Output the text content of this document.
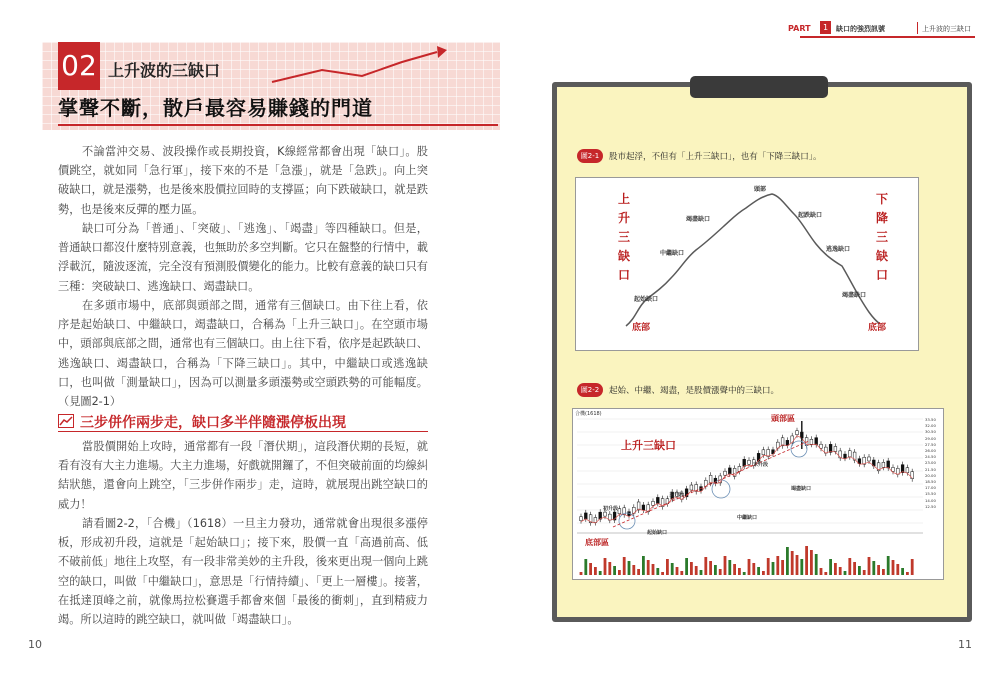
02 上升波的三缺口
掌聲不斷，散戶最容易賺錢的門道
不論當沖交易、波段操作或長期投資，K線經常都會出現「缺口」。股價跳空，就如同「急行軍」，接下來的不是「急漲」，就是「急跌」。向上突破缺口，就是漲勢，也是後來股價拉回時的支撐區；向下跌破缺口，就是跌勢，也是後來反彈的壓力區。
缺口可分為「普通」、「突破」、「逃逸」、「竭盡」等四種缺口。但是，普通缺口都沒什麼特別意義，也無助於多空判斷。它只在盤整的行情中，載浮載沉，隨波逐流，完全沒有預測股價變化的能力。比較有意義的缺口只有三種：突破缺口、逃逸缺口、竭盡缺口。
在多頭市場中，底部與頭部之間，通常有三個缺口。由下往上看，依序是起始缺口、中繼缺口，竭盡缺口，合稱為「上升三缺口」。在空頭市場中，頭部與底部之間，通常也有三個缺口。由上往下看，依序是起跌缺口、逃逸缺口、竭盡缺口，合稱為「下降三缺口」。其中，中繼缺口或逃逸缺口，也叫做「測量缺口」，因為可以測量多頭漲勢或空頭跌勢的可能幅度。（見圖2-1）
三步併作兩步走，缺口多半伴隨漲停板出現
當股價開始上攻時，通常都有一段「潛伏期」，這段潛伏期的長短，就看有沒有大主力進場。大主力進場，好戲就開鑼了，不但突破前面的均線糾結狀態，還會向上跳空，「三步併作兩步」走，這時，就展現出跳空缺口的威力！
請看圖2-2，「合機」（1618）一旦主力發功，通常就會出現很多漲停板，形成初升段，這就是「起始缺口」；接下來，股價一直「高過前高、低不破前低」地往上攻堅，有一段非常美妙的主升段，後來更出現一個向上跳空的缺口，叫做「中繼缺口」，意思是「行情持續」、「更上一層樓」。接著，在抵達頂峰之前，就像馬拉松賽選手都會來個「最後的衝刺」，直到精疲力竭。所以這時的跳空缺口，就叫做「竭盡缺口」。
10
PART	1	缺口的強烈訊號	上升波的三缺口
圖2-1	股市起浮，不但有「上升三缺口」，也有「下降三缺口」。
上
升
三
缺
口
下
降
三
缺
口
頭部
竭盡缺口
中繼缺口
起始缺口
底部
起跌缺口
逃逸缺口
竭盡缺口
底部
圖2-2	起始、中繼、竭盡，是股價漲聲中的三缺口。
合機(1618)
上升三缺口
頭部區
底部區
竭盡缺口
中繼缺口
起始缺口
主升段
初升段
末升段
33.50
32.00
30.50
29.00
27.50
26.00
24.50
23.00
21.50
20.00
18.50
17.00
15.50
14.00
12.50
11
